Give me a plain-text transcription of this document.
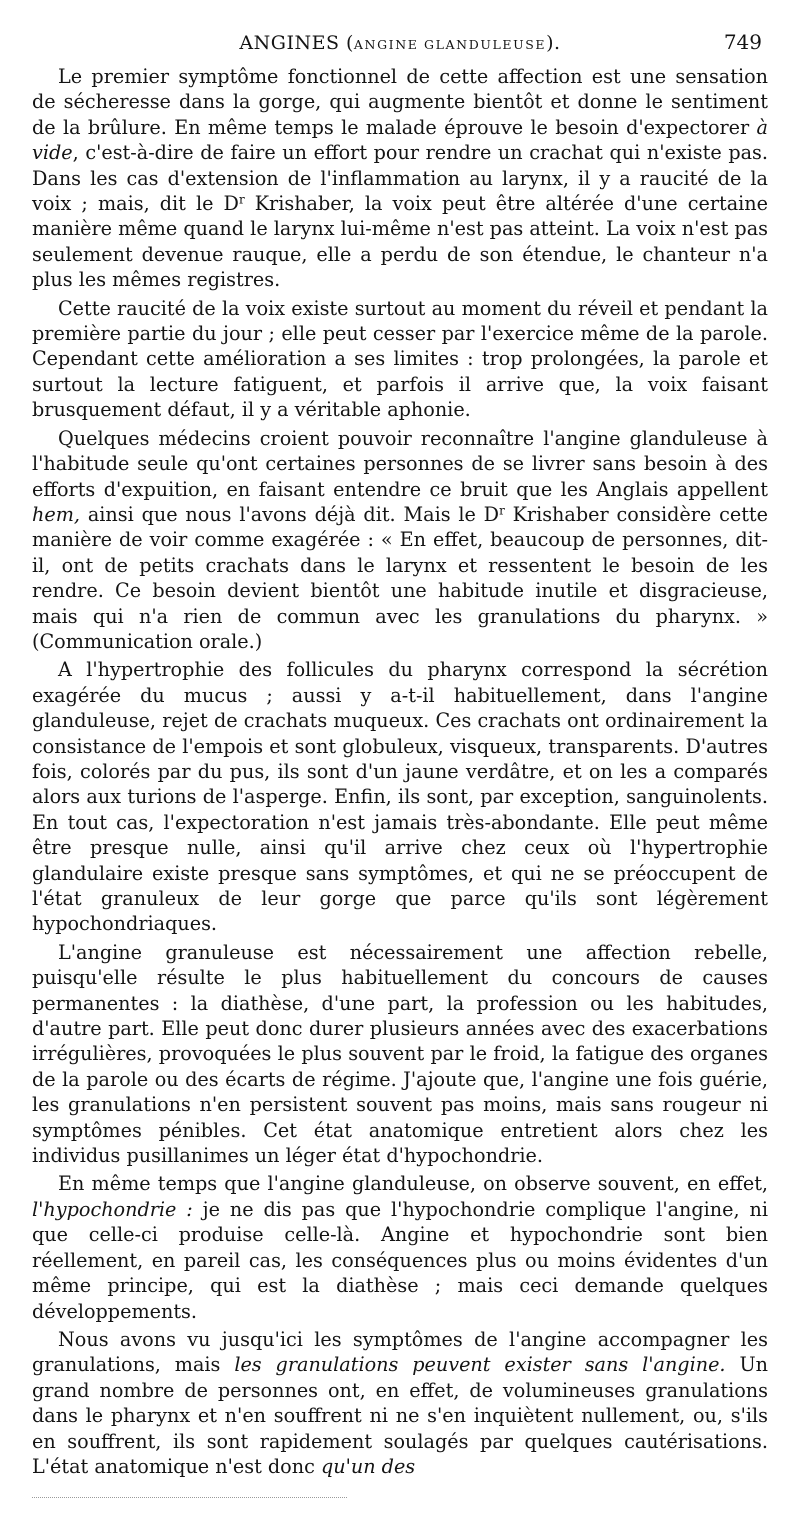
ANGINES (ANGINE GLANDULEUSE).	749

Le premier symptôme fonctionnel de cette affection est une sensation de sécheresse dans la gorge, qui augmente bientôt et donne le sentiment de la brûlure. En même temps le malade éprouve le besoin d'expectorer à vide, c'est-à-dire de faire un effort pour rendre un crachat qui n'existe pas. Dans les cas d'extension de l'inflammation au larynx, il y a raucité de la voix ; mais, dit le $D^r$ Krishaber, la voix peut être altérée d'une certaine manière même quand le larynx lui-même n'est pas atteint. La voix n'est pas seulement devenue rauque, elle a perdu de son étendue, le chanteur n'a plus les mêmes registres.

Cette raucité de la voix existe surtout au moment du réveil et pendant la première partie du jour ; elle peut cesser par l'exercice même de la parole. Cependant cette amélioration a ses limites : trop prolongées, la parole et surtout la lecture fatiguent, et parfois il arrive que, la voix faisant brusquement défaut, il y a véritable aphonie.

Quelques médecins croient pouvoir reconnaître l'angine glanduleuse à l'habitude seule qu'ont certaines personnes de se livrer sans besoin à des efforts d'expuition, en faisant entendre ce bruit que les Anglais appellent hem, ainsi que nous l'avons déjà dit. Mais le $D^r$ Krishaber considère cette manière de voir comme exagérée : « En effet, beaucoup de personnes, dit-il, ont de petits crachats dans le larynx et ressentent le besoin de les rendre. Ce besoin devient bientôt une habitude inutile et disgracieuse, mais qui n'a rien de commun avec les granulations du pharynx. » (Communication orale.)

A l'hypertrophie des follicules du pharynx correspond la sécrétion exagérée du mucus ; aussi y a-t-il habituellement, dans l'angine glanduleuse, rejet de crachats muqueux. Ces crachats ont ordinairement la consistance de l'empois et sont globuleux, visqueux, transparents. D'autres fois, colorés par du pus, ils sont d'un jaune verdâtre, et on les a comparés alors aux turions de l'asperge. Enfin, ils sont, par exception, sanguinolents. En tout cas, l'expectoration n'est jamais très-abondante. Elle peut même être presque nulle, ainsi qu'il arrive chez ceux où l'hypertrophie glandulaire existe presque sans symptômes, et qui ne se préoccupent de l'état granuleux de leur gorge que parce qu'ils sont légèrement hypochondriaques.

L'angine granuleuse est nécessairement une affection rebelle, puisqu'elle résulte le plus habituellement du concours de causes permanentes : la diathèse, d'une part, la profession ou les habitudes, d'autre part. Elle peut donc durer plusieurs années avec des exacerbations irrégulières, provoquées le plus souvent par le froid, la fatigue des organes de la parole ou des écarts de régime. J'ajoute que, l'angine une fois guérie, les granulations n'en persistent souvent pas moins, mais sans rougeur ni symptômes pénibles. Cet état anatomique entretient alors chez les individus pusillanimes un léger état d'hypochondrie.

En même temps que l'angine glanduleuse, on observe souvent, en effet, l'hypochondrie : je ne dis pas que l'hypochondrie complique l'angine, ni que celle-ci produise celle-là. Angine et hypochondrie sont bien réellement, en pareil cas, les conséquences plus ou moins évidentes d'un même principe, qui est la diathèse ; mais ceci demande quelques développements.

Nous avons vu jusqu'ici les symptômes de l'angine accompagner les granulations, mais les granulations peuvent exister sans l'angine. Un grand nombre de personnes ont, en effet, de volumineuses granulations dans le pharynx et n'en souffrent ni ne s'en inquiètent nullement, ou, s'ils en souffrent, ils sont rapidement soulagés par quelques cautérisations. L'état anatomique n'est donc qu'un des
